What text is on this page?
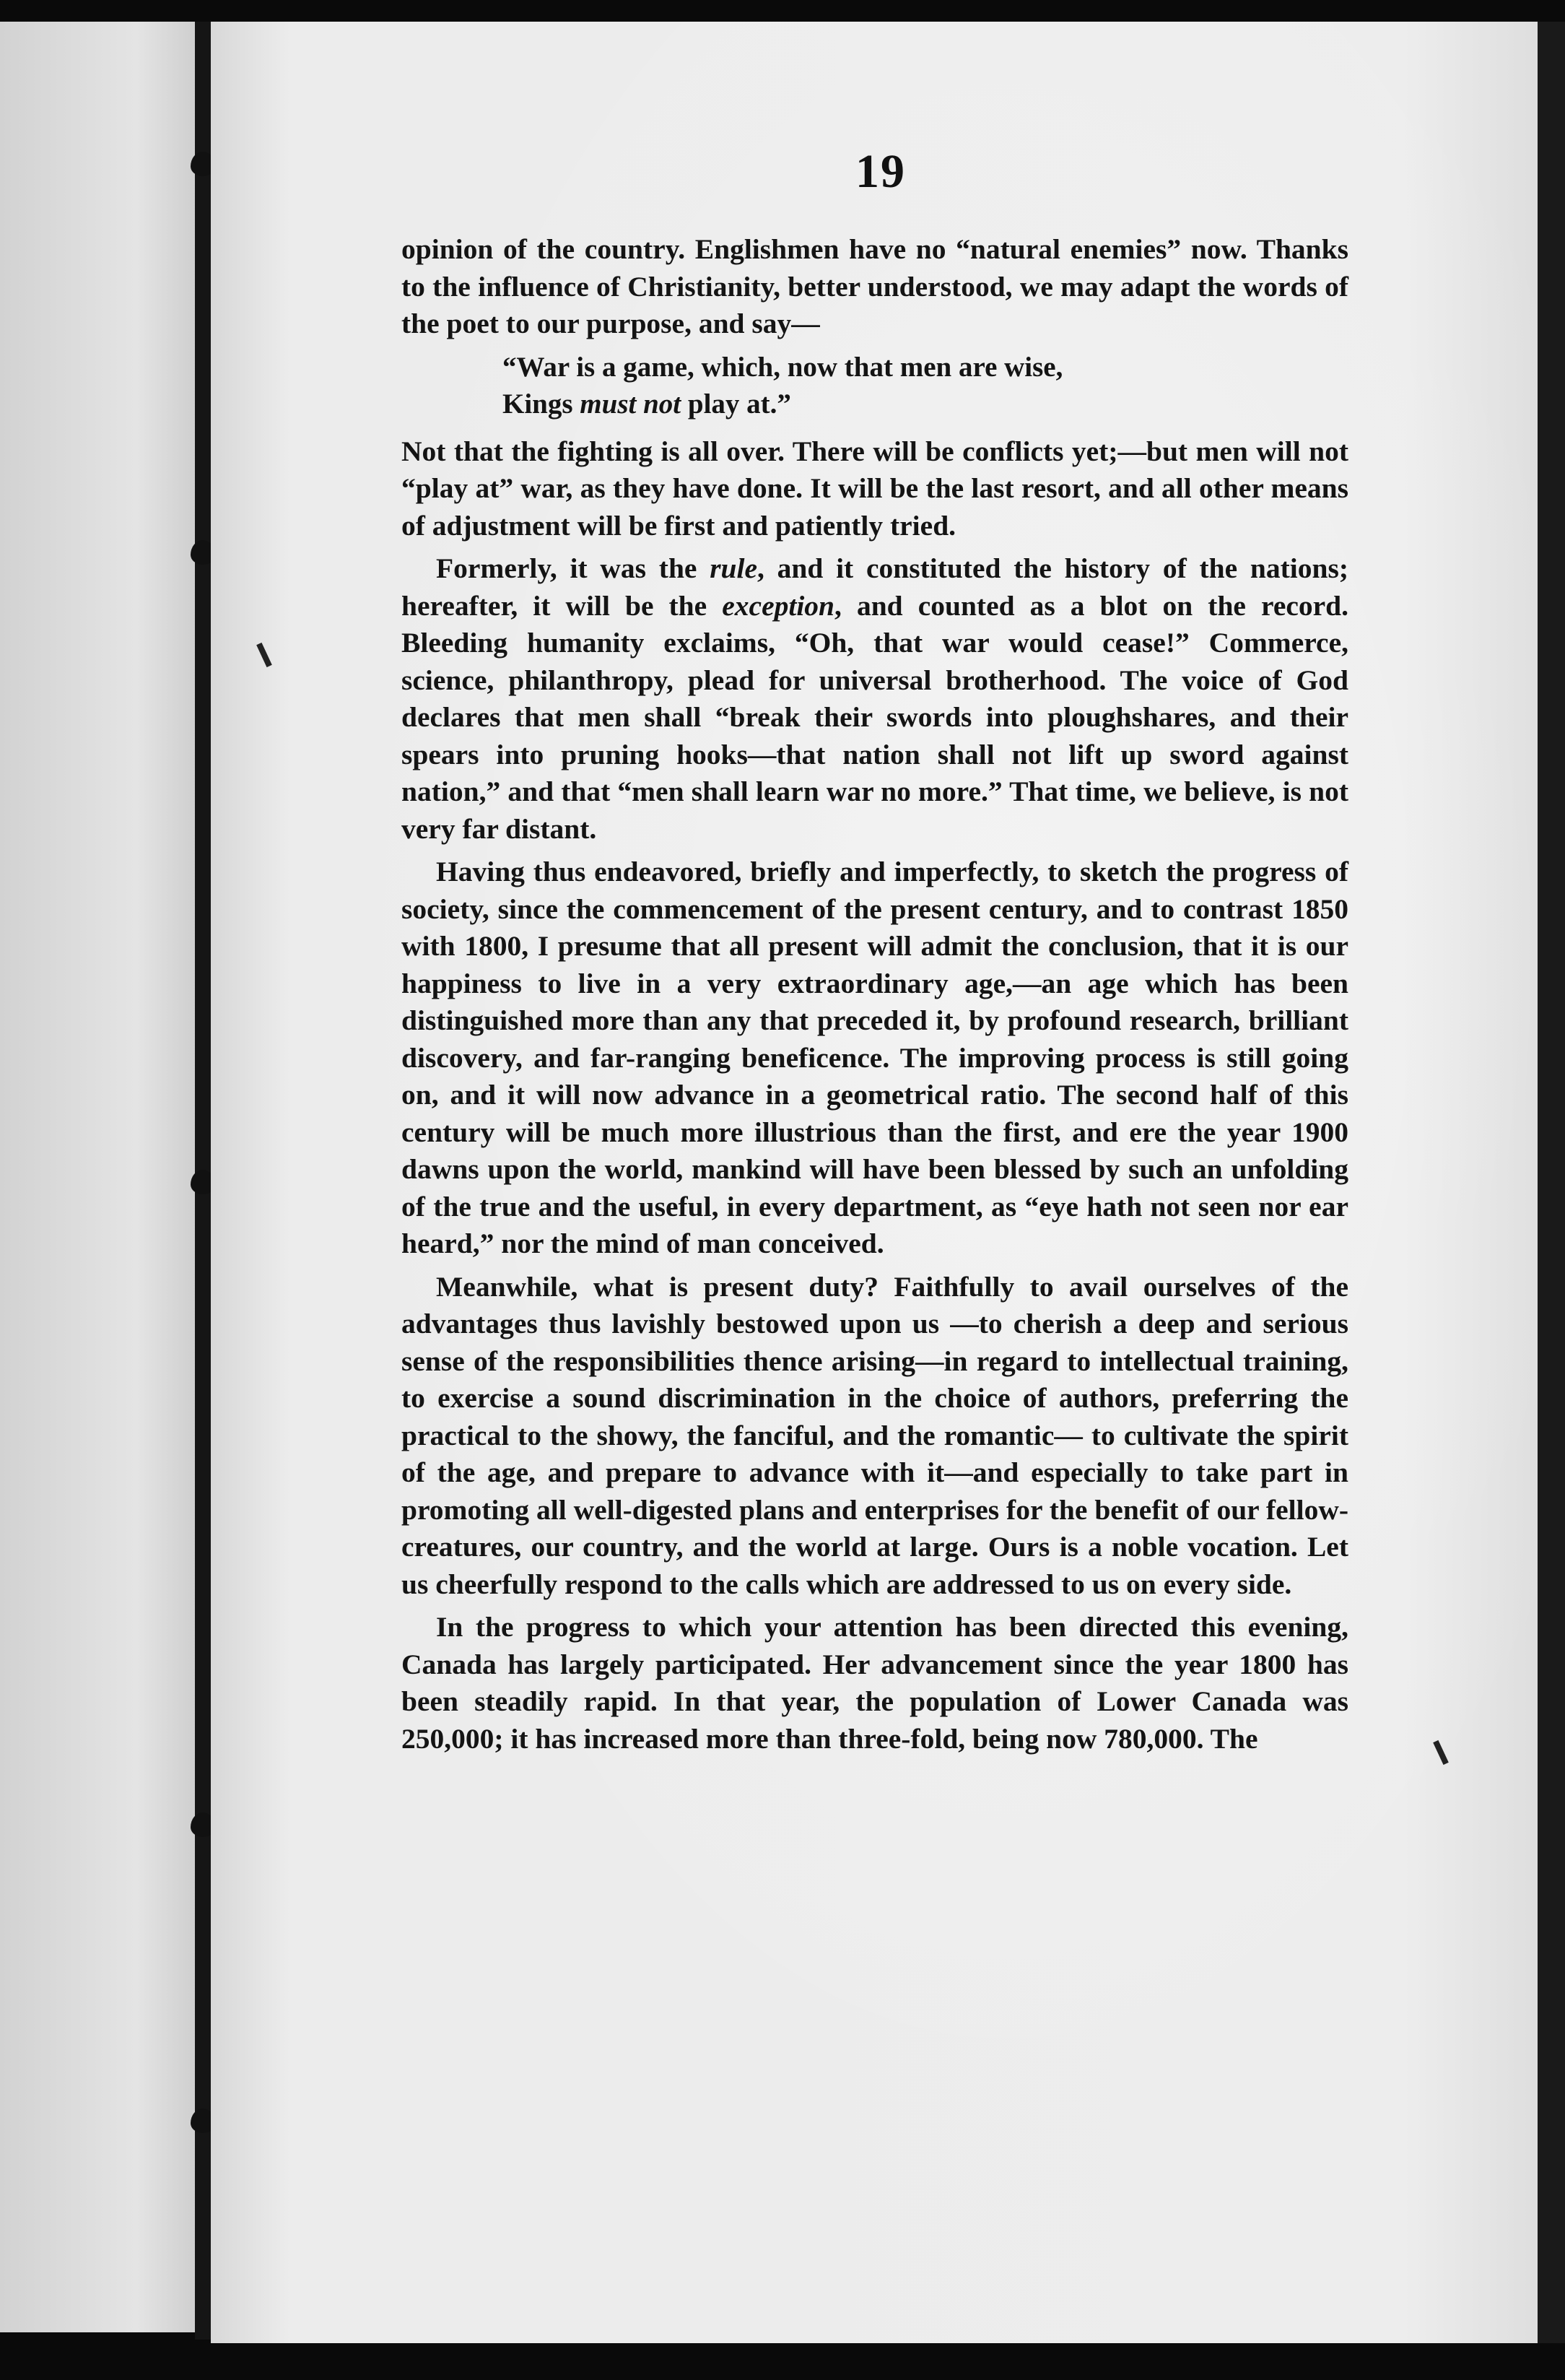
19

opinion of the country. Englishmen have no “natural enemies” now. Thanks to the influence of Christianity, better understood, we may adapt the words of the poet to our purpose, and say—

“War is a game, which, now that men are wise,
Kings must not play at.”

Not that the fighting is all over. There will be conflicts yet;—but men will not “play at” war, as they have done. It will be the last resort, and all other means of adjustment will be first and patiently tried.

Formerly, it was the rule, and it constituted the history of the nations; hereafter, it will be the exception, and counted as a blot on the record. Bleeding humanity exclaims, “Oh, that war would cease!” Commerce, science, philanthropy, plead for universal brotherhood. The voice of God declares that men shall “break their swords into ploughshares, and their spears into pruning hooks—that nation shall not lift up sword against nation,” and that “men shall learn war no more.” That time, we believe, is not very far distant.

Having thus endeavored, briefly and imperfectly, to sketch the progress of society, since the commencement of the present century, and to contrast 1850 with 1800, I presume that all present will admit the conclusion, that it is our happiness to live in a very extraordinary age,—an age which has been distinguished more than any that preceded it, by profound research, brilliant discovery, and far-ranging beneficence. The improving process is still going on, and it will now advance in a geometrical ratio. The second half of this century will be much more illustrious than the first, and ere the year 1900 dawns upon the world, mankind will have been blessed by such an unfolding of the true and the useful, in every department, as “eye hath not seen nor ear heard,” nor the mind of man conceived.

Meanwhile, what is present duty? Faithfully to avail ourselves of the advantages thus lavishly bestowed upon us —to cherish a deep and serious sense of the responsibilities thence arising—in regard to intellectual training, to exercise a sound discrimination in the choice of authors, preferring the practical to the showy, the fanciful, and the romantic— to cultivate the spirit of the age, and prepare to advance with it—and especially to take part in promoting all well-digested plans and enterprises for the benefit of our fellow-creatures, our country, and the world at large. Ours is a noble vocation. Let us cheerfully respond to the calls which are addressed to us on every side.

In the progress to which your attention has been directed this evening, Canada has largely participated. Her advancement since the year 1800 has been steadily rapid. In that year, the population of Lower Canada was 250,000; it has increased more than three-fold, being now 780,000. The
